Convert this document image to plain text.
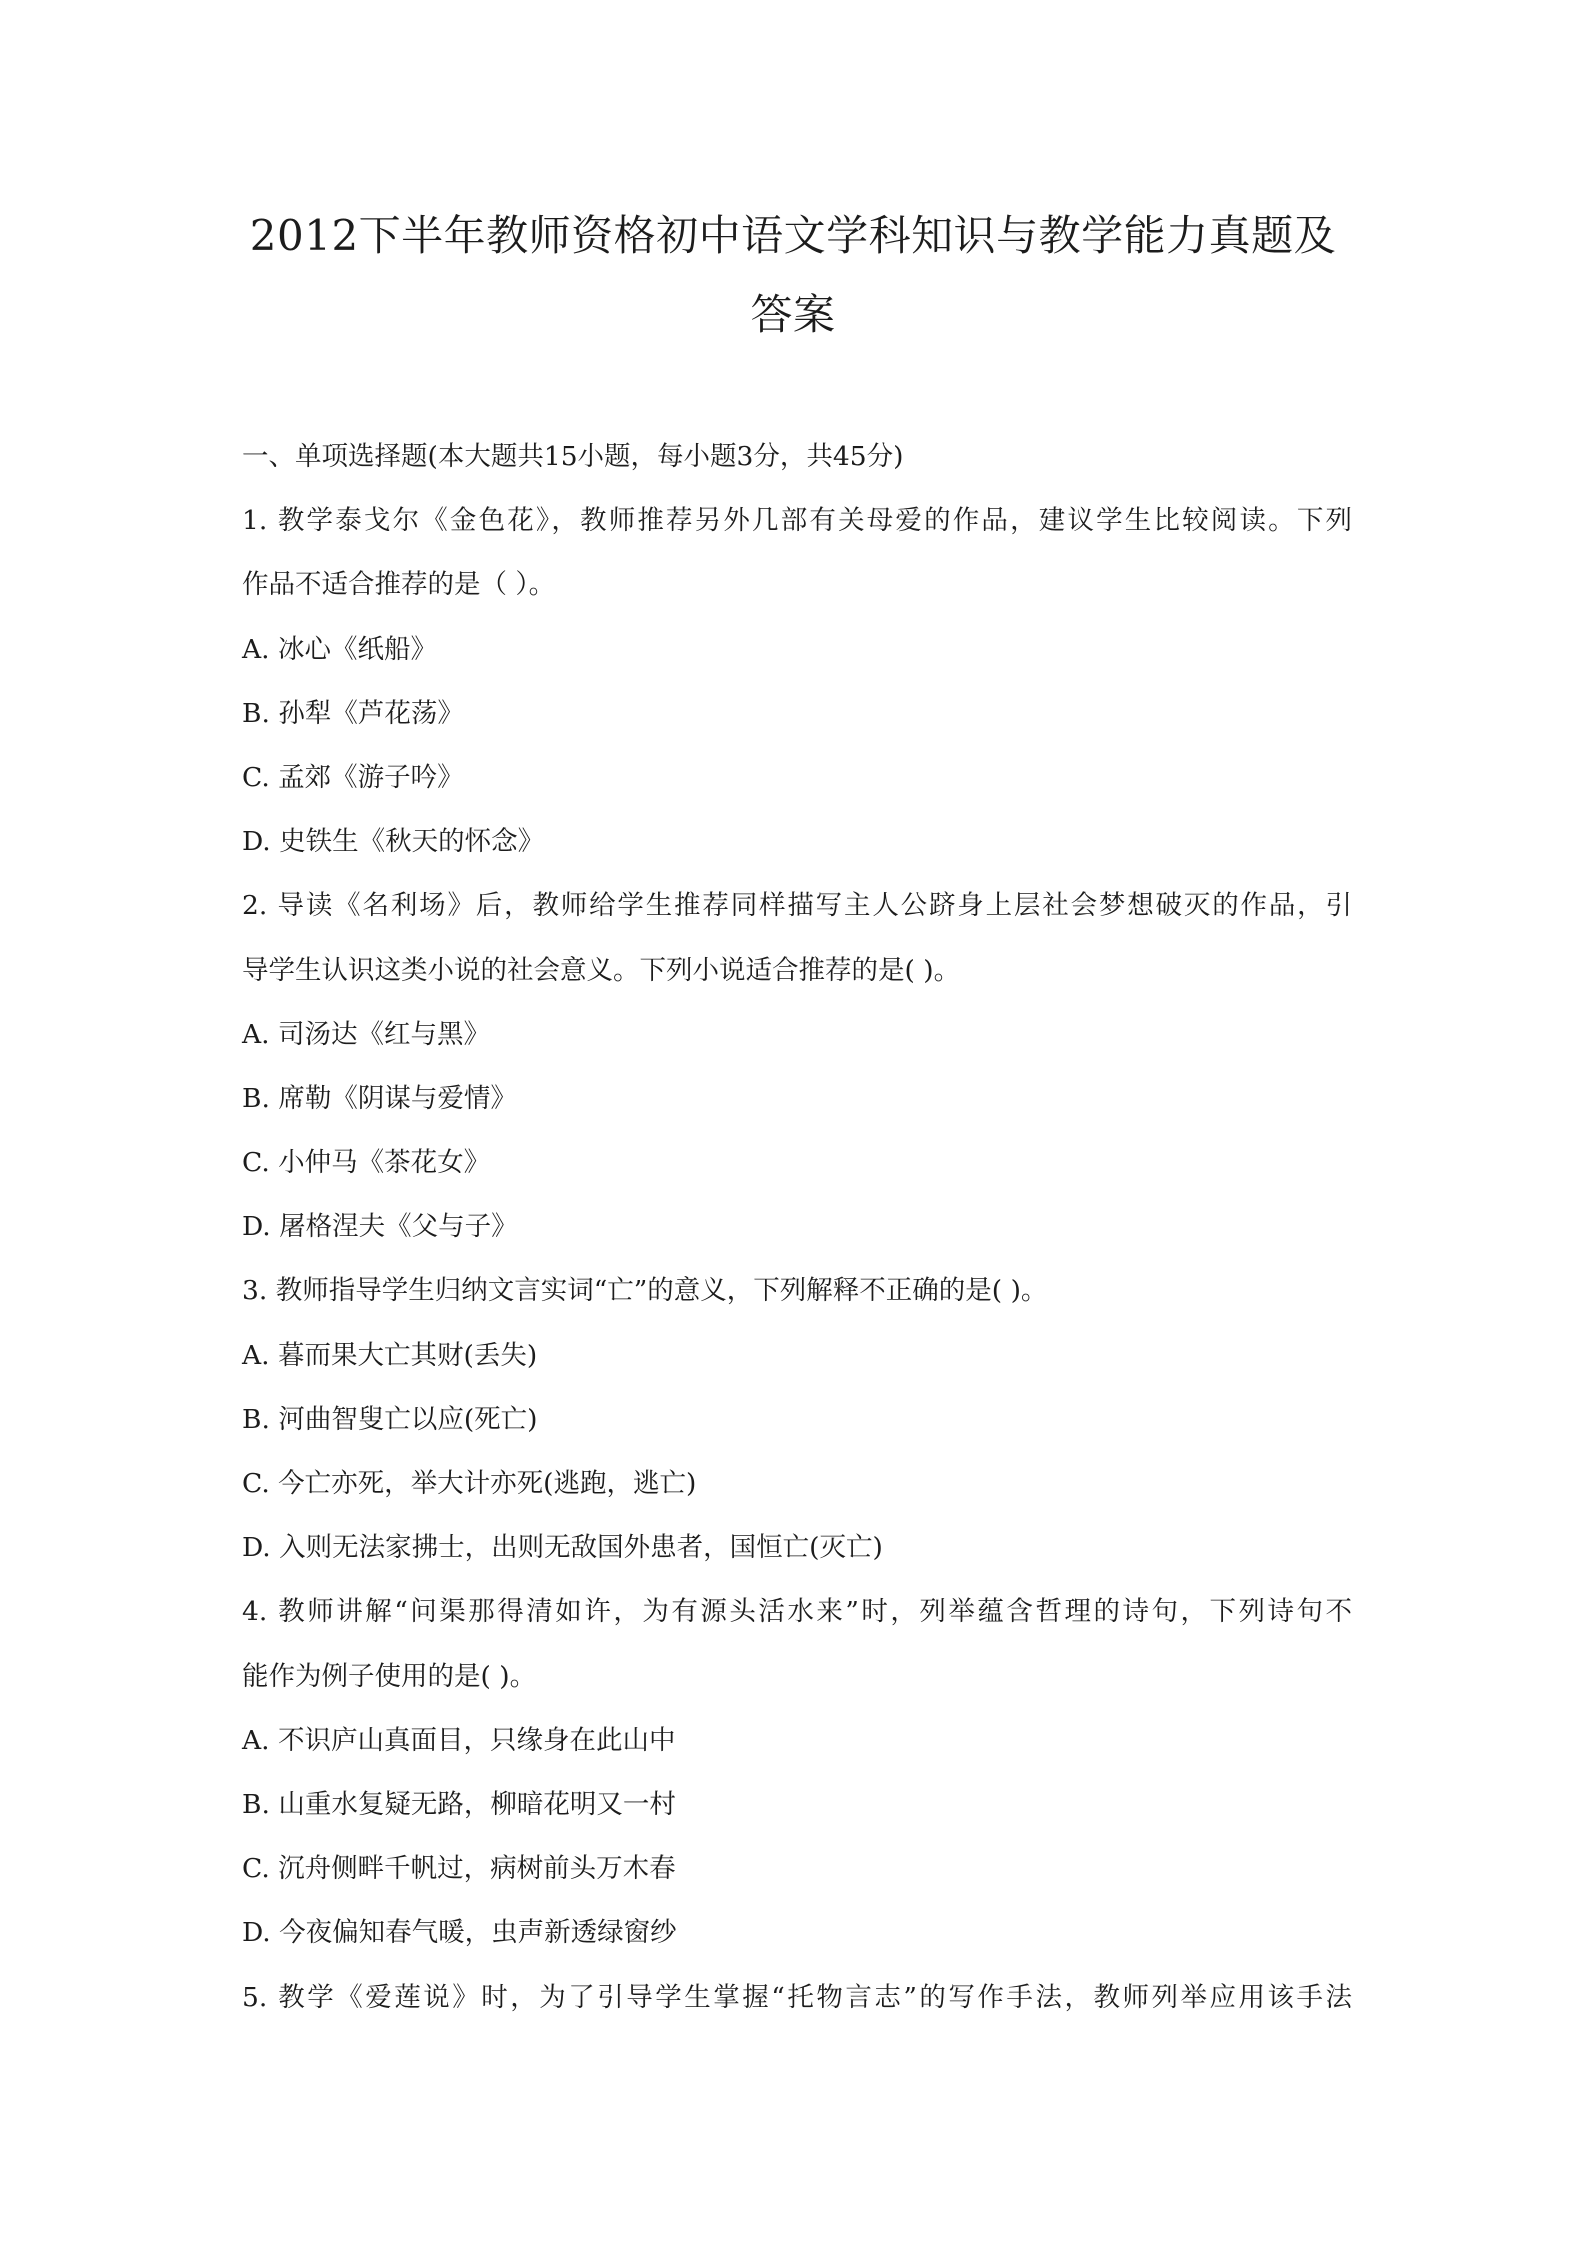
2012下半年教师资格初中语文学科知识与教学能力真题及
答案
一、单项选择题(本大题共15小题，每小题3分，共45分)
1. 教学泰戈尔《金色花》，教师推荐另外几部有关母爱的作品，建议学生比较阅读。下列
作品不适合推荐的是（ ）。
A. 冰心《纸船》
B. 孙犁《芦花荡》
C. 孟郊《游子吟》
D. 史铁生《秋天的怀念》
2. 导读《名利场》后，教师给学生推荐同样描写主人公跻身上层社会梦想破灭的作品，引
导学生认识这类小说的社会意义。下列小说适合推荐的是( )。
A. 司汤达《红与黑》
B. 席勒《阴谋与爱情》
C. 小仲马《茶花女》
D. 屠格涅夫《父与子》
3. 教师指导学生归纳文言实词“亡”的意义，下列解释不正确的是( )。
A. 暮而果大亡其财(丢失)
B. 河曲智叟亡以应(死亡)
C. 今亡亦死，举大计亦死(逃跑，逃亡)
D. 入则无法家拂士，出则无敌国外患者，国恒亡(灭亡)
4. 教师讲解“问渠那得清如许，为有源头活水来”时，列举蕴含哲理的诗句，下列诗句不
能作为例子使用的是( )。
A. 不识庐山真面目，只缘身在此山中
B. 山重水复疑无路，柳暗花明又一村
C. 沉舟侧畔千帆过，病树前头万木春
D. 今夜偏知春气暖，虫声新透绿窗纱
5. 教学《爱莲说》时，为了引导学生掌握“托物言志”的写作手法，教师列举应用该手法
